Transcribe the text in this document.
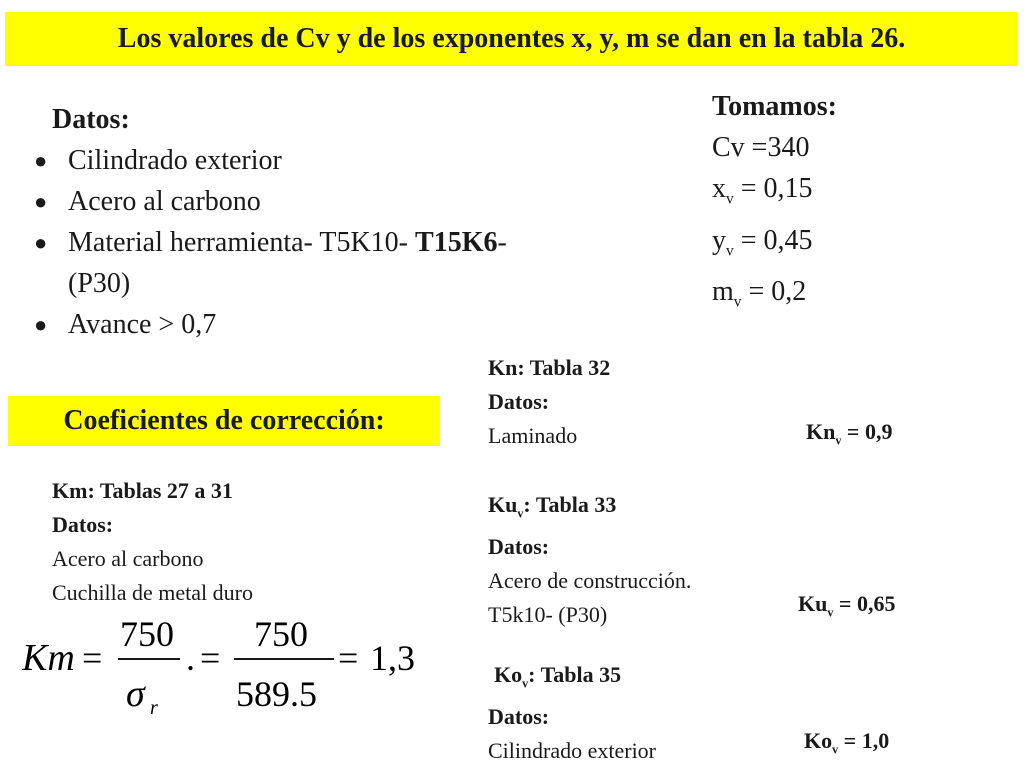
Los valores de Cv y de los exponentes x, y, m se dan en la tabla 26.
Datos:
● Cilindrado exterior
● Acero al carbono
● Material herramienta- T5K10- T15K6-
(P30)
● Avance > 0,7
Tomamos:
Cv =340
$x_v = 0,15$
$y_v = 0,45$
$m_v = 0,2$
Coeficientes de corrección:
Km: Tablas 27 a 31
Datos:
Acero al carbono
Cuchilla de metal duro
Km =
750
σ r
. =
750
589.5
= 1,3
Kn: Tabla 32
Datos:
Laminado	$Kn_v = 0,9$
$Ku_v$: Tabla 33
Datos:
Acero de construcción.
T5k10- (P30)	$Ku_v = 0,65$
$Ko_v$: Tabla 35
Datos:
Cilindrado exterior	$Ko_v = 1,0$
